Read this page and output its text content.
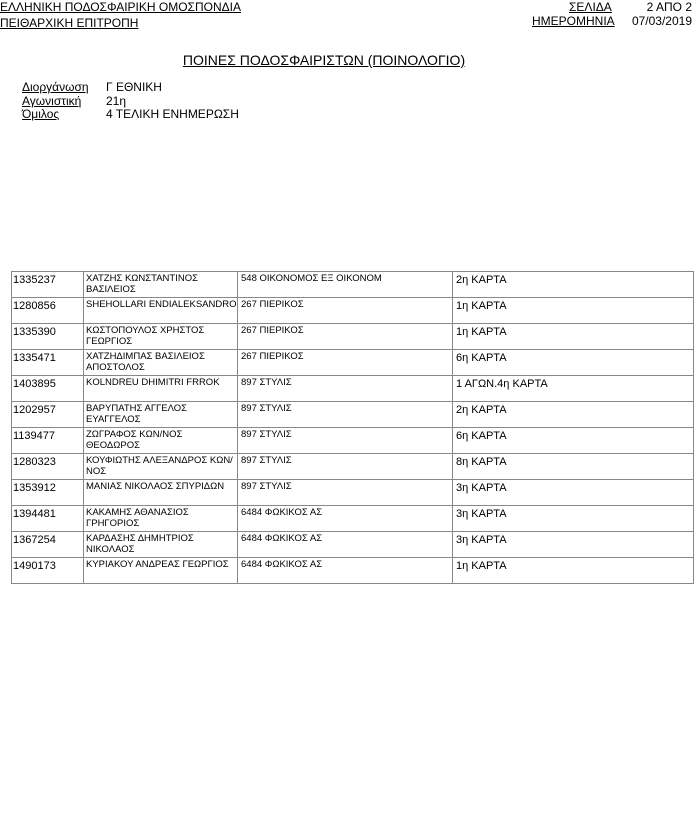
ΕΛΛΗΝΙΚΗ ΠΟΔΟΣΦΑΙΡΙΚΗ ΟΜΟΣΠΟΝΔΙΑ
ΠΕΙΘΑΡΧΙΚΗ ΕΠΙΤΡΟΠΗ
ΣΕΛΙΔΑ	2 ΑΠΟ 2
ΗΜΕΡΟΜΗΝΙΑ 07/03/2019
ΠΟΙΝΕΣ ΠΟΔΟΣΦΑΙΡΙΣΤΩΝ (ΠΟΙΝΟΛΟΓΙΟ)
Διοργάνωση Γ ΕΘΝΙΚΗ
Αγωνιστική 21η
Όμιλος	4 ΤΕΛΙΚΗ ΕΝΗΜΕΡΩΣΗ
1335237	ΧΑΤΖΗΣ ΚΩΝΣΤΑΝΤΙΝΟΣ ΒΑΣΙΛΕΙΟΣ	548 ΟΙΚΟΝΟΜΟΣ ΕΞ ΟΙΚΟΝΟΜ	2η ΚΑΡΤΑ
1280856	SHEHOLLARI ENDIALEKSANDRO	267 ΠΙΕΡΙΚΟΣ	1η ΚΑΡΤΑ
1335390	ΚΩΣΤΟΠΟΥΛΟΣ ΧΡΗΣΤΟΣ ΓΕΩΡΓΙΟΣ	267 ΠΙΕΡΙΚΟΣ	1η ΚΑΡΤΑ
1335471	ΧΑΤΖΗΔΙΜΠΑΣ ΒΑΣΙΛΕΙΟΣ ΑΠΟΣΤΟΛΟΣ	267 ΠΙΕΡΙΚΟΣ	6η ΚΑΡΤΑ
1403895	KOLNDREU DHIMITRI FRROK	897 ΣΤΥΛΙΣ	1 ΑΓΩΝ.4η ΚΑΡΤΑ
1202957	ΒΑΡΥΠΑΤΗΣ ΑΓΓΕΛΟΣ ΕΥΑΓΓΕΛΟΣ	897 ΣΤΥΛΙΣ	2η ΚΑΡΤΑ
1139477	ΖΩΓΡΑΦΟΣ ΚΩΝ/ΝΟΣ ΘΕΟΔΩΡΟΣ	897 ΣΤΥΛΙΣ	6η ΚΑΡΤΑ
1280323	ΚΟΥΦΙΩΤΗΣ ΑΛΕΞΑΝΔΡΟΣ ΚΩΝ/ΝΟΣ	897 ΣΤΥΛΙΣ	8η ΚΑΡΤΑ
1353912	ΜΑΝΙΑΣ ΝΙΚΟΛΑΟΣ ΣΠΥΡΙΔΩΝ	897 ΣΤΥΛΙΣ	3η ΚΑΡΤΑ
1394481	ΚΑΚΑΜΗΣ ΑΘΑΝΑΣΙΟΣ ΓΡΗΓΟΡΙΟΣ	6484 ΦΩΚΙΚΟΣ ΑΣ	3η ΚΑΡΤΑ
1367254	ΚΑΡΔΑΣΗΣ ΔΗΜΗΤΡΙΟΣ ΝΙΚΟΛΑΟΣ	6484 ΦΩΚΙΚΟΣ ΑΣ	3η ΚΑΡΤΑ
1490173	ΚΥΡΙΑΚΟΥ ΑΝΔΡΕΑΣ ΓΕΩΡΓΙΟΣ	6484 ΦΩΚΙΚΟΣ ΑΣ	1η ΚΑΡΤΑ
